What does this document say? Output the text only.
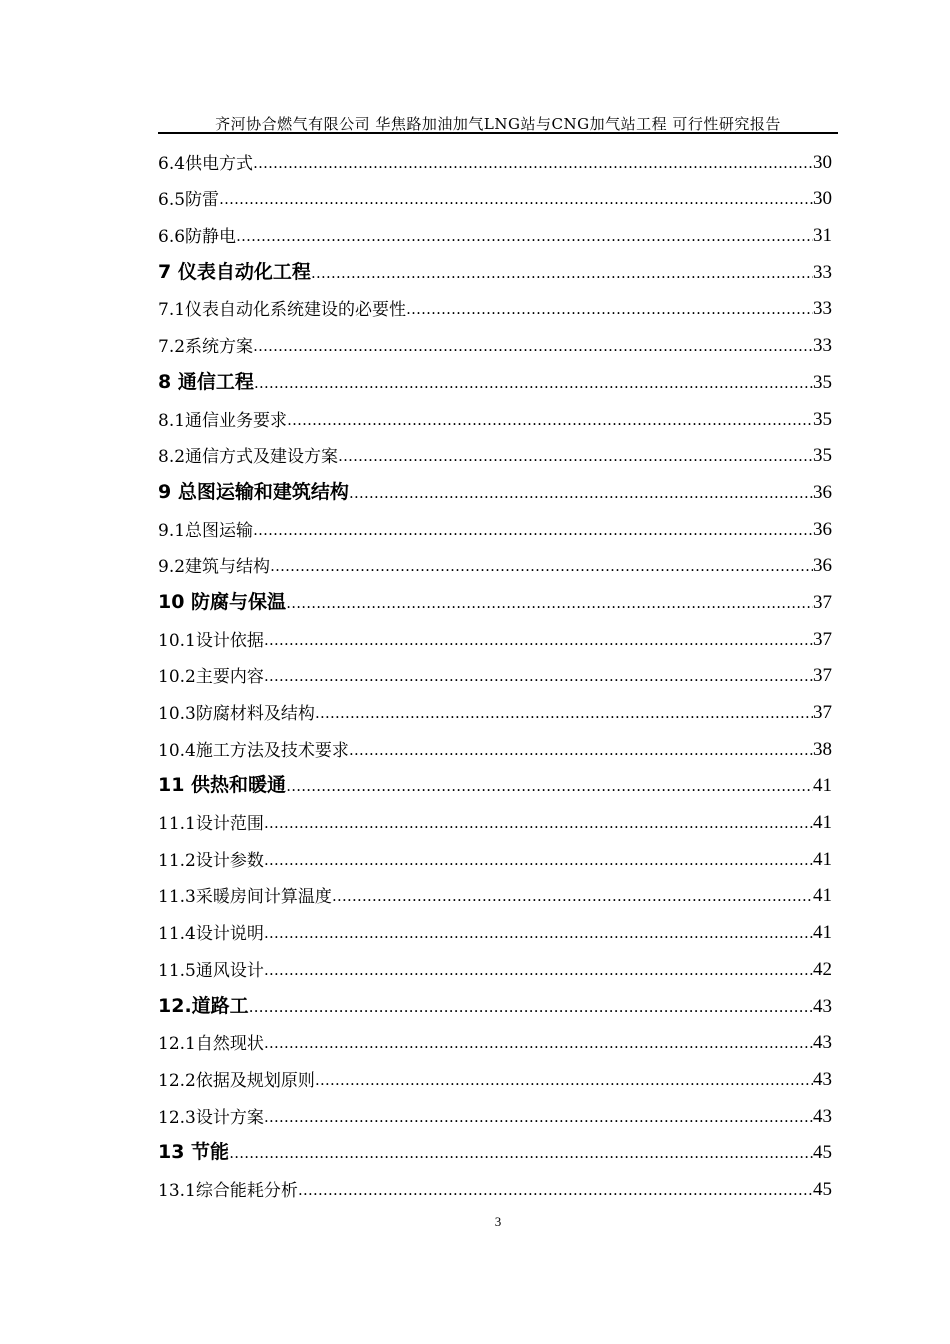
齐河协合燃气有限公司 华焦路加油加气LNG站与CNG加气站工程 可行性研究报告
6.4供电方式 …………………………………………………………………………………………………………………………………………………………………………………………………	30
6.5防雷 …………………………………………………………………………………………………………………………………………………………………………………………………	30
6.6防静电 …………………………………………………………………………………………………………………………………………………………………………………………………	31
7 仪表自动化工程 …………………………………………………………………………………………………………………………………………………………………………………………………	33
7.1仪表自动化系统建设的必要性 …………………………………………………………………………………………………………………………………………………………………………………………………	33
7.2系统方案 …………………………………………………………………………………………………………………………………………………………………………………………………	33
8 通信工程 …………………………………………………………………………………………………………………………………………………………………………………………………	35
8.1通信业务要求 …………………………………………………………………………………………………………………………………………………………………………………………………	35
8.2通信方式及建设方案 …………………………………………………………………………………………………………………………………………………………………………………………………	35
9 总图运输和建筑结构 …………………………………………………………………………………………………………………………………………………………………………………………………	36
9.1总图运输 …………………………………………………………………………………………………………………………………………………………………………………………………	36
9.2建筑与结构 …………………………………………………………………………………………………………………………………………………………………………………………………	36
10 防腐与保温 …………………………………………………………………………………………………………………………………………………………………………………………………	37
10.1设计依据 …………………………………………………………………………………………………………………………………………………………………………………………………	37
10.2主要内容 …………………………………………………………………………………………………………………………………………………………………………………………………	37
10.3防腐材料及结构 …………………………………………………………………………………………………………………………………………………………………………………………………	37
10.4施工方法及技术要求 …………………………………………………………………………………………………………………………………………………………………………………………………	38
11 供热和暖通 …………………………………………………………………………………………………………………………………………………………………………………………………	41
11.1设计范围 …………………………………………………………………………………………………………………………………………………………………………………………………	41
11.2设计参数 …………………………………………………………………………………………………………………………………………………………………………………………………	41
11.3采暖房间计算温度 …………………………………………………………………………………………………………………………………………………………………………………………………	41
11.4设计说明 …………………………………………………………………………………………………………………………………………………………………………………………………	41
11.5通风设计 …………………………………………………………………………………………………………………………………………………………………………………………………	42
12.道路工 …………………………………………………………………………………………………………………………………………………………………………………………………	43
12.1自然现状 …………………………………………………………………………………………………………………………………………………………………………………………………	43
12.2依据及规划原则 …………………………………………………………………………………………………………………………………………………………………………………………………	43
12.3设计方案 …………………………………………………………………………………………………………………………………………………………………………………………………	43
13 节能 …………………………………………………………………………………………………………………………………………………………………………………………………	45
13.1综合能耗分析 …………………………………………………………………………………………………………………………………………………………………………………………………	45
3
